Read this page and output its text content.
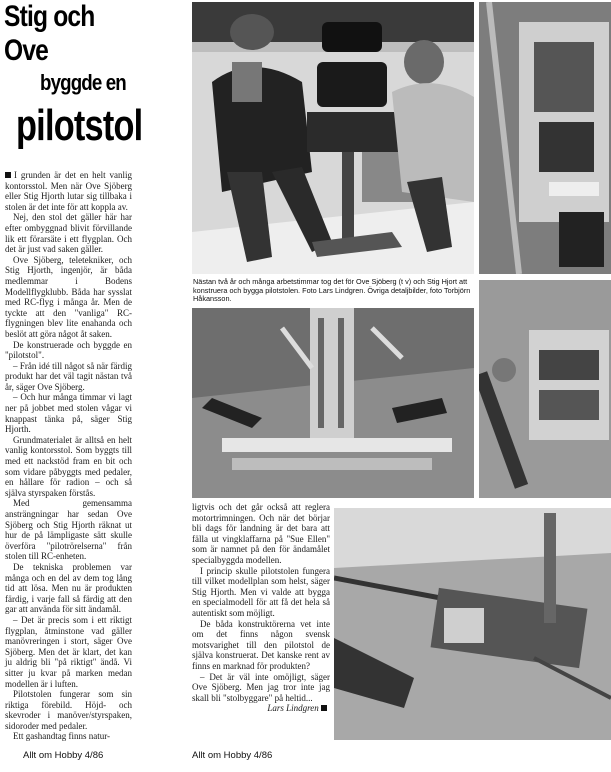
Stig och
Ove
byggde en
pilotstol

I grunden är det en helt vanlig kontorsstol. Men när Ove Sjöberg eller Stig Hjorth lutar sig tillbaka i stolen är det inte för att koppla av.

Nej, den stol det gäller här har efter ombyggnad blivit förvillande lik ett förarsäte i ett flygplan. Och det är just vad saken gäller.

Ove Sjöberg, teletekniker, och Stig Hjorth, ingenjör, är båda medlemmar i Bodens Modellflygklubb. Båda har sysslat med RC-flyg i många år. Men de tyckte att den "vanliga" RC-flygningen blev lite enahanda och beslöt att göra något åt saken.

De konstruerade och byggde en "pilotstol".

– Från idé till något så när färdig produkt har det väl tagit nästan två år, säger Ove Sjöberg.

– Och hur många timmar vi lagt ner på jobbet med stolen vågar vi knappast tänka på, säger Stig Hjorth.

Grundmaterialet är alltså en helt vanlig kontorsstol. Som byggts till med ett nackstöd fram en bit och som vidare påbyggts med pedaler, en hållare för radion – och så själva styrspaken förstås.

Med gemensamma ansträngningar har sedan Ove Sjöberg och Stig Hjorth räknat ut hur de på lämpligaste sätt skulle överföra "pilotrörelserna" från stolen till RC-enheten.

De tekniska problemen var många och en del av dem tog lång tid att lösa. Men nu är produkten färdig, i varje fall så färdig att den gar att använda för sitt ändamål.

– Det är precis som i ett riktigt flygplan, åtminstone vad gäller manövreringen i stort, säger Ove Sjöberg. Men det är klart, det kan ju aldrig bli "på riktigt" ändå. Vi sitter ju kvar på marken medan modellen är i luften.

Pilotstolen fungerar som sin riktiga förebild. Höjd- och skevroder i manöver/styrspaken, sidoroder med pedaler.

Ett gashandtag finns natur-

ligtvis och det går också att reglera motortrimningen. Och när det börjar bli dags för landning är det bara att fälla ut vingklaffarna på "Sue Ellen" som är namnet på den för ändamålet specialbyggda modellen.

I princip skulle pilotstolen fungera till vilket modellplan som helst, säger Stig Hjorth. Men vi valde att bygga en specialmodell för att få det hela så autentiskt som möjligt.

De båda konstruktörerna vet inte om det finns någon svensk motsvarighet till den pilotstol de själva konstruerat. Det kanske rent av finns en marknad för produkten?

– Det är väl inte omöjligt, säger Ove Sjöberg. Men jag tror inte jag skall bli "stolbyggare" på heltid...

Lars Lindgren

Nästan två år och många arbetstimmar tog det för Ove Sjöberg (t v) och Stig Hjort att konstruera och bygga pilotstolen. Foto Lars Lindgren. Övriga detaljbilder, foto Torbjörn Håkansson.
Allt om Hobby 4/86	Allt om Hobby 4/86
